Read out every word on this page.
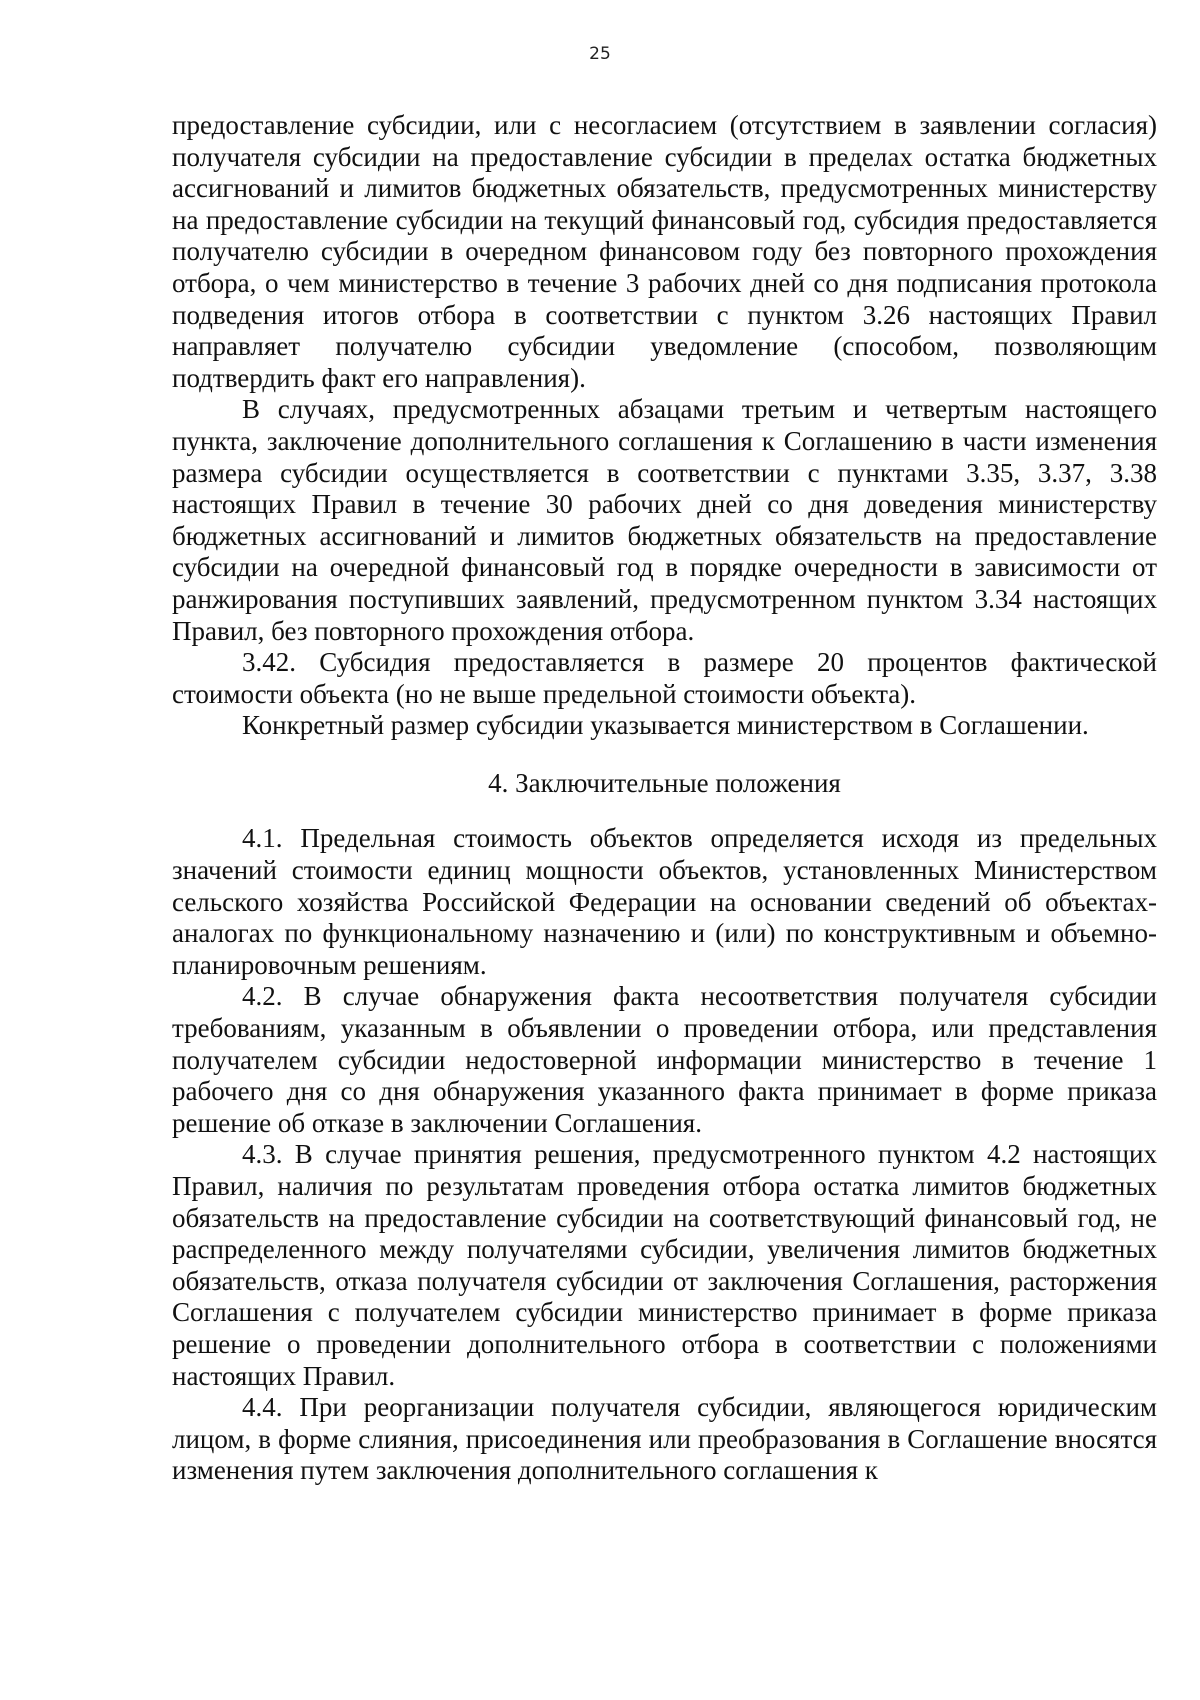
25

предоставление субсидии, или с несогласием (отсутствием в заявлении согласия) получателя субсидии на предоставление субсидии в пределах остатка бюджетных ассигнований и лимитов бюджетных обязательств, предусмотренных министерству на предоставление субсидии на текущий финансовый год, субсидия предоставляется получателю субсидии в очередном финансовом году без повторного прохождения отбора, о чем министерство в течение 3 рабочих дней со дня подписания протокола подведения итогов отбора в соответствии с пунктом 3.26 настоящих Правил направляет получателю субсидии уведомление (способом, позволяющим подтвердить факт его направления).

В случаях, предусмотренных абзацами третьим и четвертым настоящего пункта, заключение дополнительного соглашения к Соглашению в части изменения размера субсидии осуществляется в соответствии с пунктами 3.35, 3.37, 3.38 настоящих Правил в течение 30 рабочих дней со дня доведения министерству бюджетных ассигнований и лимитов бюджетных обязательств на предоставление субсидии на очередной финансовый год в порядке очередности в зависимости от ранжирования поступивших заявлений, предусмотренном пунктом 3.34 настоящих Правил, без повторного прохождения отбора.

3.42. Субсидия предоставляется в размере 20 процентов фактической стоимости объекта (но не выше предельной стоимости объекта).

Конкретный размер субсидии указывается министерством в Соглашении.

4. Заключительные положения

4.1. Предельная стоимость объектов определяется исходя из предельных значений стоимости единиц мощности объектов, установленных Министерством сельского хозяйства Российской Федерации на основании сведений об объектах-аналогах по функциональному назначению и (или) по конструктивным и объемно-планировочным решениям.

4.2. В случае обнаружения факта несоответствия получателя субсидии требованиям, указанным в объявлении о проведении отбора, или представления получателем субсидии недостоверной информации министерство в течение 1 рабочего дня со дня обнаружения указанного факта принимает в форме приказа решение об отказе в заключении Соглашения.

4.3. В случае принятия решения, предусмотренного пунктом 4.2 настоящих Правил, наличия по результатам проведения отбора остатка лимитов бюджетных обязательств на предоставление субсидии на соответствующий финансовый год, не распределенного между получателями субсидии, увеличения лимитов бюджетных обязательств, отказа получателя субсидии от заключения Соглашения, расторжения Соглашения с получателем субсидии министерство принимает в форме приказа решение о проведении дополнительного отбора в соответствии с положениями настоящих Правил.

4.4. При реорганизации получателя субсидии, являющегося юридическим лицом, в форме слияния, присоединения или преобразования в Соглашение вносятся изменения путем заключения дополнительного соглашения к
